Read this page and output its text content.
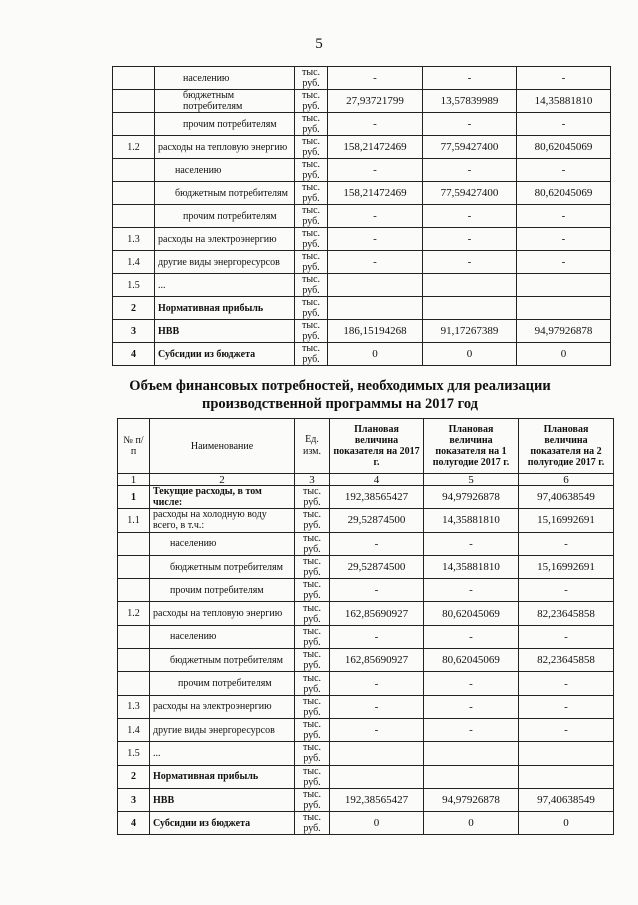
5
	населению	тыс. руб.	-	-	-
	бюджетным потребителям	тыс. руб.	27,93721799	13,57839989	14,35881810
	прочим потребителям	тыс. руб.	-	-	-
1.2	расходы на тепловую энергию	тыс. руб.	158,21472469	77,59427400	80,62045069
	населению	тыс. руб.	-	-	-
	бюджетным потребителям	тыс. руб.	158,21472469	77,59427400	80,62045069
	прочим потребителям	тыс. руб.	-	-	-
1.3	расходы на электроэнергию	тыс. руб.	-	-	-
1.4	другие виды энергоресурсов	тыс. руб.	-	-	-
1.5	...	тыс. руб.			
2	Нормативная прибыль	тыс. руб.			
3	НВВ	тыс. руб.	186,15194268	91,17267389	94,97926878
4	Субсидии из бюджета	тыс. руб.	0	0	0
Объем финансовых потребностей, необходимых для реализации производственной программы на 2017 год
№ п/п	Наименование	Ед. изм.	Плановая величина показателя на 2017 г.	Плановая величина показателя на 1 полугодие 2017 г.	Плановая величина показателя на 2 полугодие 2017 г.
1	2	3	4	5	6
1	Текущие расходы, в том числе:	тыс. руб.	192,38565427	94,97926878	97,40638549
1.1	расходы на холодную воду всего, в т.ч.:	тыс. руб.	29,52874500	14,35881810	15,16992691
	населению	тыс. руб.	-	-	-
	бюджетным потребителям	тыс. руб.	29,52874500	14,35881810	15,16992691
	прочим потребителям	тыс. руб.	-	-	-
1.2	расходы на тепловую энергию	тыс. руб.	162,85690927	80,62045069	82,23645858
	населению	тыс. руб.	-	-	-
	бюджетным потребителям	тыс. руб.	162,85690927	80,62045069	82,23645858
	прочим потребителям	тыс. руб.	-	-	-
1.3	расходы на электроэнергию	тыс. руб.	-	-	-
1.4	другие виды энергоресурсов	тыс. руб.	-	-	-
1.5	...	тыс. руб.			
2	Нормативная прибыль	тыс. руб.			
3	НВВ	тыс. руб.	192,38565427	94,97926878	97,40638549
4	Субсидии из бюджета	тыс. руб.	0	0	0
